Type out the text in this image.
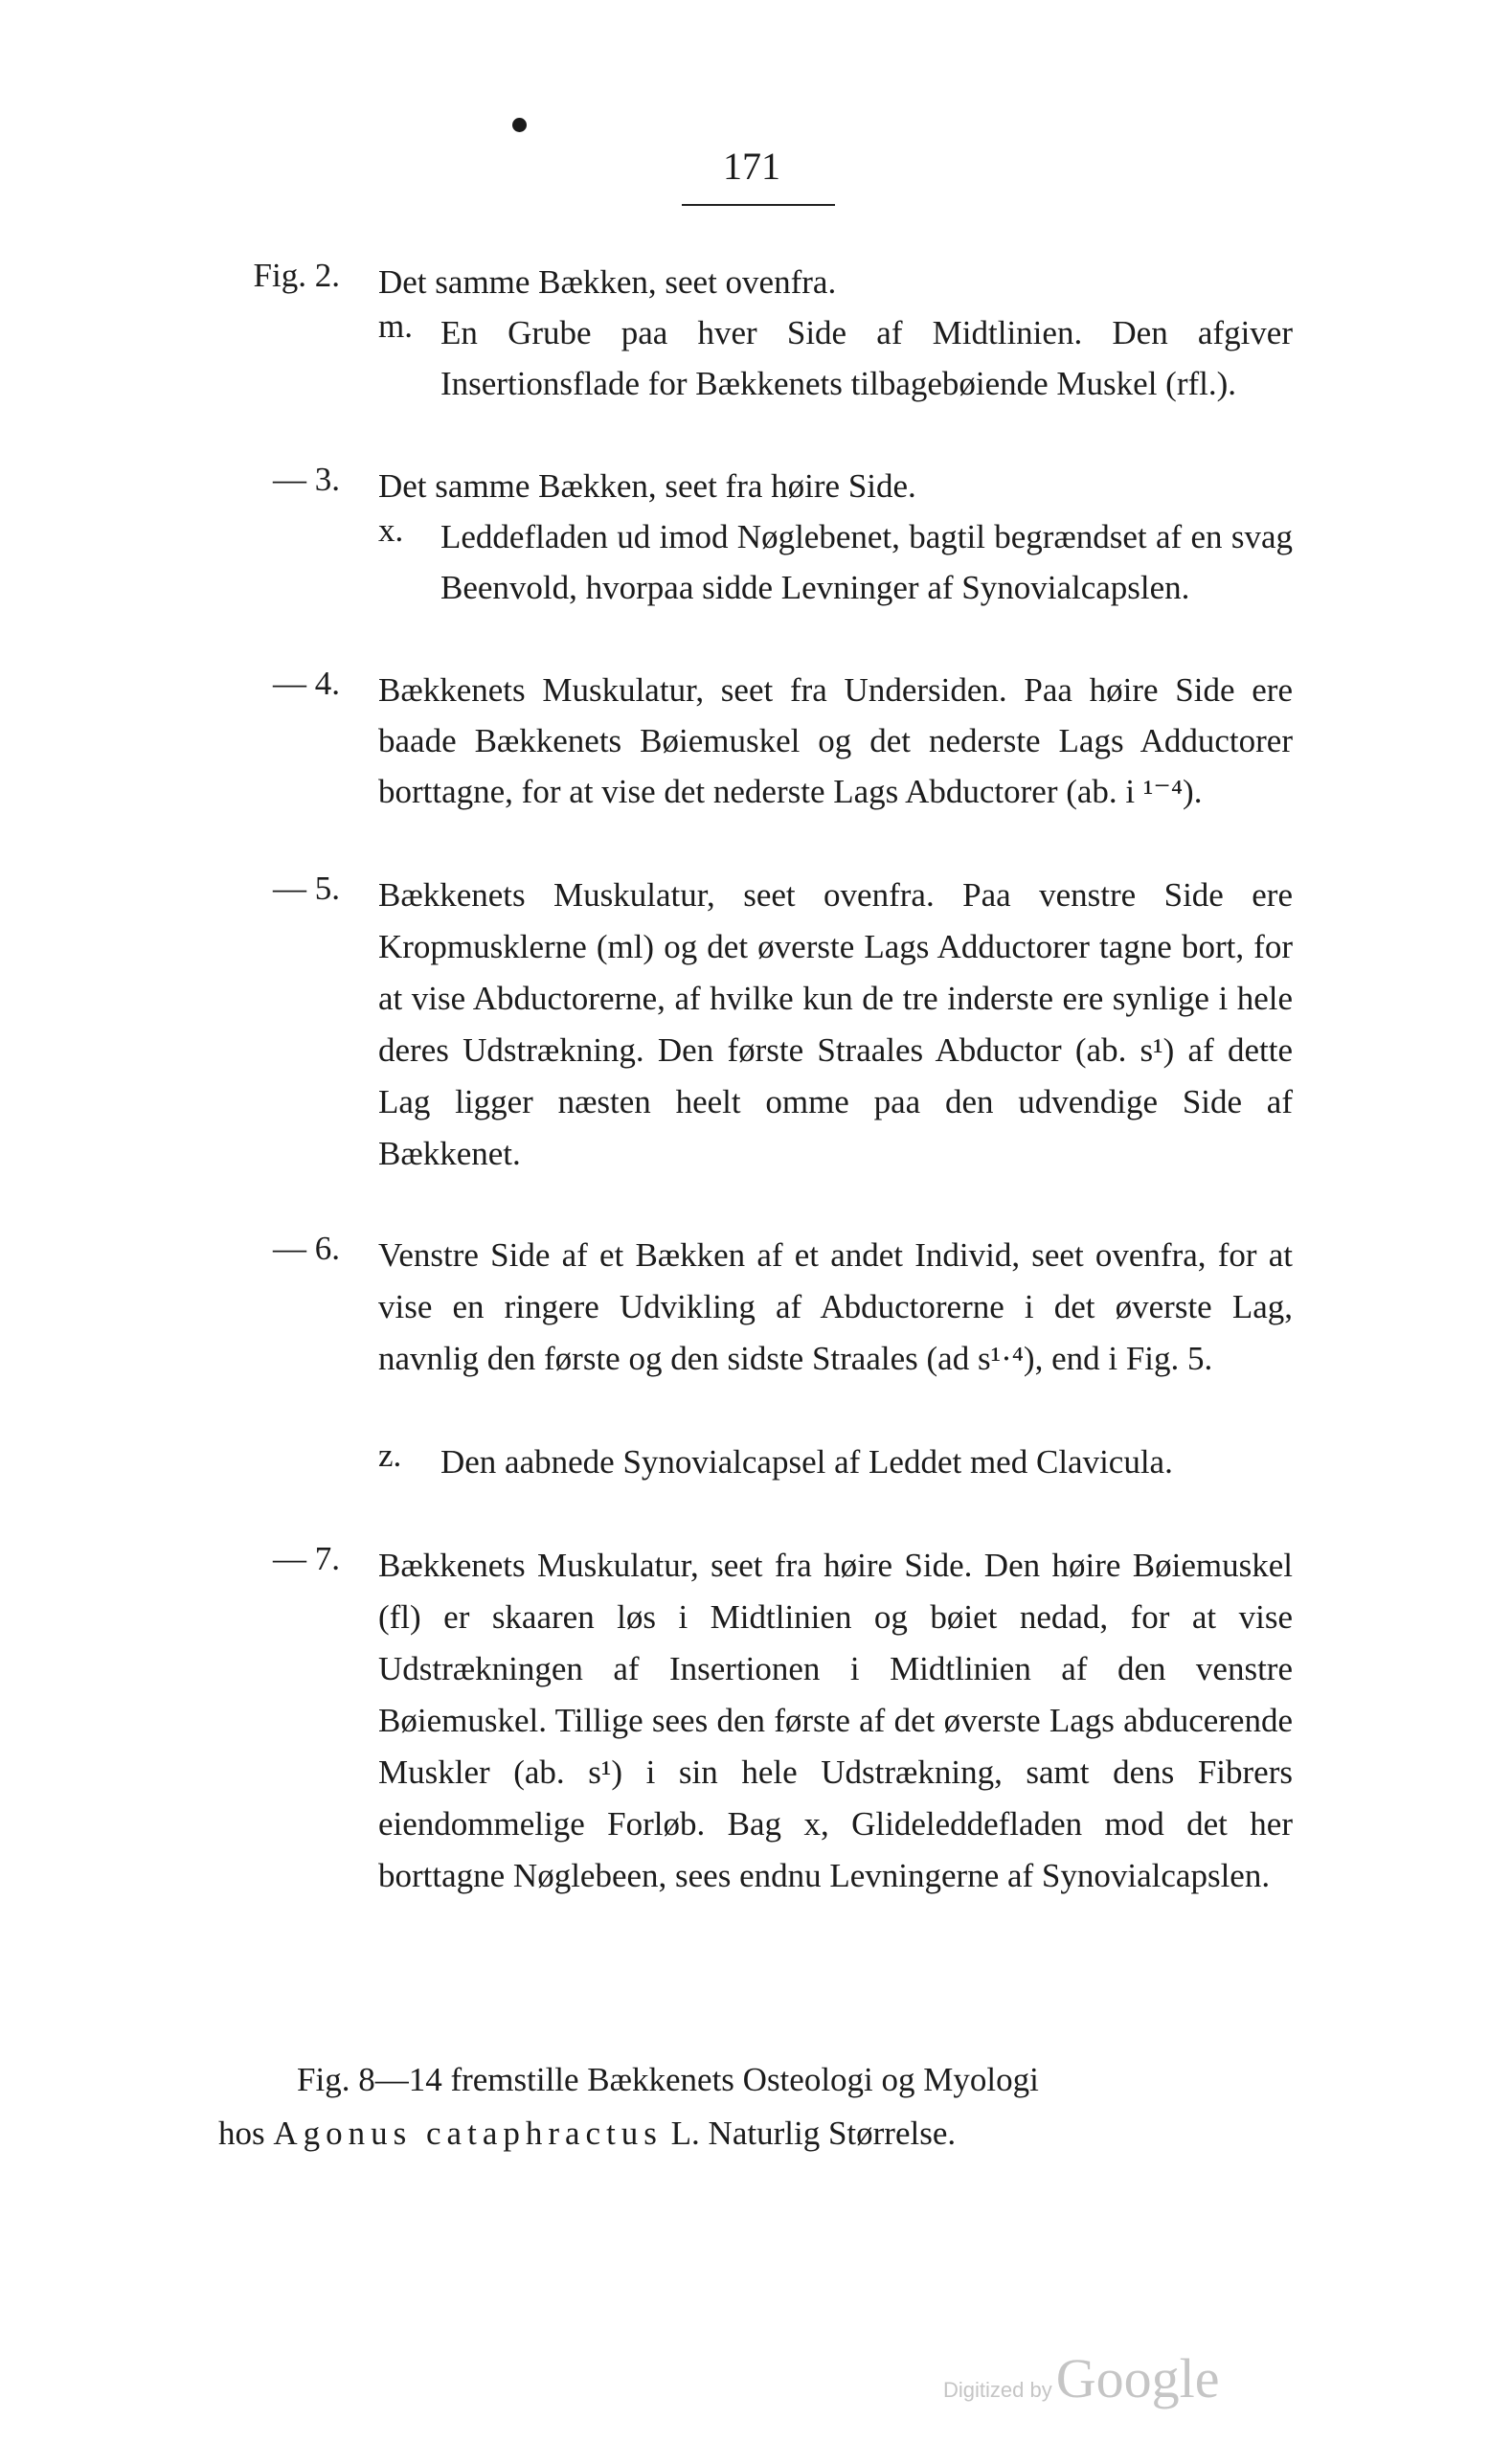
171
Fig. 2. Det samme Bækken, seet ovenfra.
m. En Grube paa hver Side af Midtlinien. Den afgiver Insertionsflade for Bækkenets tilbagebøiende Muskel (rfl.).
— 3. Det samme Bækken, seet fra høire Side.
x.	Leddefladen ud imod Nøglebenet, bagtil begrændset af en svag Beenvold, hvorpaa sidde Levninger af Synovialcapslen.
— 4. Bækkenets Muskulatur, seet fra Undersiden. Paa høire Side ere baade Bækkenets Bøiemuskel og det nederste Lags Adductorer borttagne, for at vise det nederste Lags Abductorer (ab. i ¹⁻⁴).
— 5. Bækkenets Muskulatur, seet ovenfra. Paa venstre Side ere Kropmusklerne (ml) og det øverste Lags Adductorer tagne bort, for at vise Abductorerne, af hvilke kun de tre inderste ere synlige i hele deres Udstrækning. Den første Straales Abductor (ab. s¹) af dette Lag ligger næsten heelt omme paa den udvendige Side af Bækkenet.
— 6. Venstre Side af et Bækken af et andet Individ, seet ovenfra, for at vise en ringere Udvikling af Abductorerne i det øverste Lag, navnlig den første og den sidste Straales (ad s¹·⁴), end i Fig. 5.
z.	Den aabnede Synovialcapsel af Leddet med Clavicula.
— 7. Bækkenets Muskulatur, seet fra høire Side. Den høire Bøiemuskel (fl) er skaaren løs i Midtlinien og bøiet nedad, for at vise Udstrækningen af Insertionen i Midtlinien af den venstre Bøiemuskel. Tillige sees den første af det øverste Lags abducerende Muskler (ab. s¹) i sin hele Udstrækning, samt dens Fibrers eiendommelige Forløb. Bag x, Glideleddefladen mod det her borttagne Nøglebeen, sees endnu Levningerne af Synovialcapslen.
Fig. 8—14 fremstille Bækkenets Osteologi og Myologi
hos Agonus cataphractus L. Naturlig Størrelse.
Digitized by Google
